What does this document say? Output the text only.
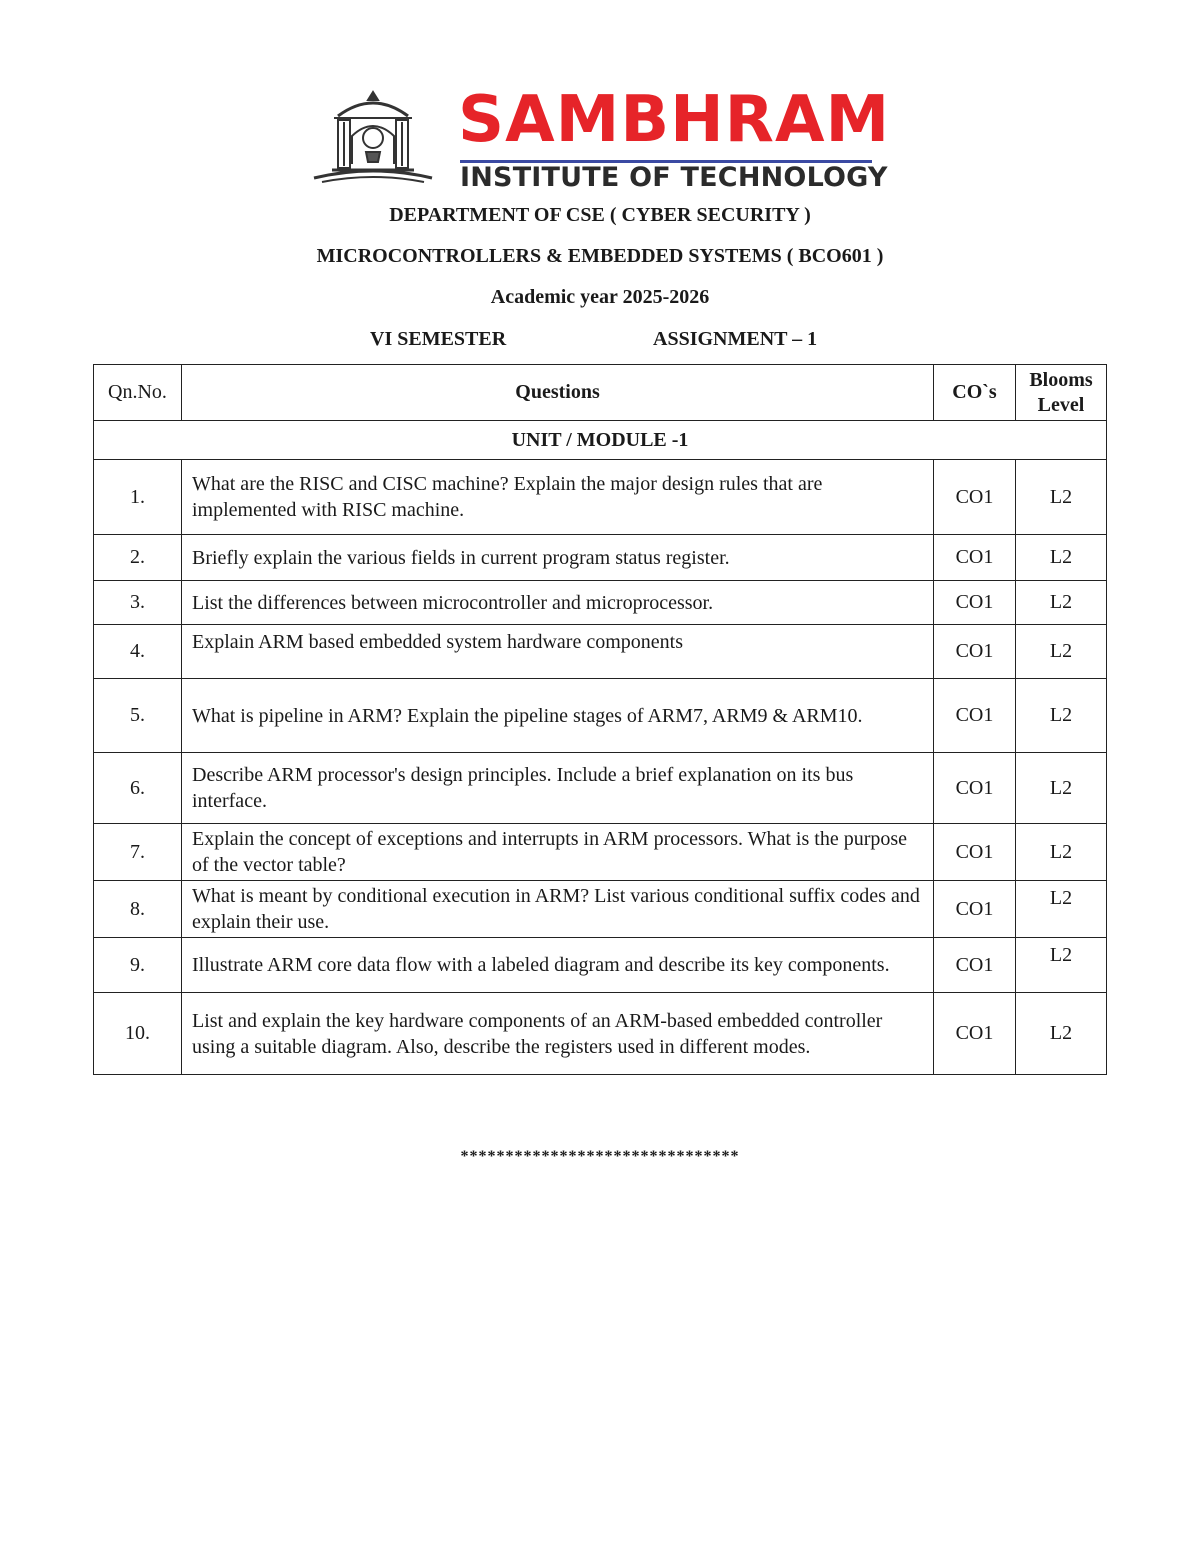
SAMBHRAM
INSTITUTE OF TECHNOLOGY
DEPARTMENT OF CSE ( CYBER SECURITY )
MICROCONTROLLERS & EMBEDDED SYSTEMS ( BCO601 )
Academic year 2025-2026
VI SEMESTER	ASSIGNMENT – 1
Qn.No.	Questions	CO`s	Blooms Level
UNIT / MODULE -1			
1.	What are the RISC and CISC machine? Explain the major design rules that are implemented with RISC machine.	CO1	L2
2.	Briefly explain the various fields in current program status register.	CO1	L2
3.	List the differences between microcontroller and microprocessor.	CO1	L2
4.	Explain ARM based embedded system hardware components	CO1	L2
5.	What is pipeline in ARM? Explain the pipeline stages of ARM7, ARM9 & ARM10.	CO1	L2
6.	Describe ARM processor's design principles. Include a brief explanation on its bus interface.	CO1	L2
7.	Explain the concept of exceptions and interrupts in ARM processors. What is the purpose of the vector table?	CO1	L2
8.	What is meant by conditional execution in ARM? List various conditional suffix codes and explain their use.	CO1	L2
9.	Illustrate ARM core data flow with a labeled diagram and describe its key components.	CO1	L2
10.	List and explain the key hardware components of an ARM-based embedded controller using a suitable diagram. Also, describe the registers used in different modes.	CO1	L2
*******************************
